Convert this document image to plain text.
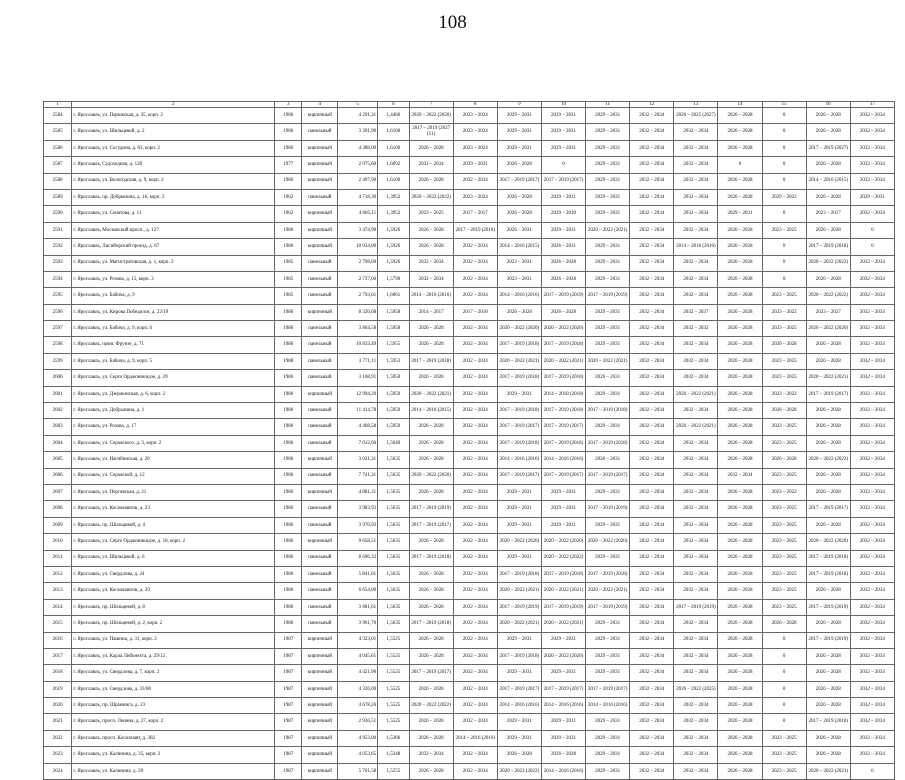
108
1	2	3	4	5	6	7	8	9	10	11	12	13	14	15	16	17
2584	г. Ярославль, ул. Парижская, д. 35, корп. 2	1986	кирпичный	4 291,31	1,4466	2020 – 2022 (2020)	2023 – 2024	2029 – 2031	2029 – 2031	2029 – 2031	2032 – 2034	2026 – 2025 (2027)	2026 – 2028	0	2026 – 2028	2032 – 2034
2585	г. Ярославль, ул. Шильцевой, д. 2	1986	панельный	3 391,90	1,6100	2017 – 2019 (2027 (51)	2023 – 2024	2029 – 2031	2029 – 2031	2029 – 2031	2032 – 2034	2032 – 2034	2026 – 2028	0	2026 – 2028	2032 – 2034
2586	г. Ярославль, ул. Сосудина, д. 83, корп. 2	1986	кирпичный	4 388,00	1,6100	2026 – 2028	2023 – 2024	2029 – 2031	2029 – 2031	2029 – 2031	2032 – 2034	2032 – 2034	2026 – 2028	0	2017 – 2019 (2027)	2032 – 2034
2587	г. Ярославль, Судоходная, д. 12б	1977	кирпичный	2 975,60	1,6092	2032 – 2034	2029 – 2031	2026 – 2028	0	2029 – 2031	2032 – 2034	2032 – 2034	0	0	2026 – 2028	2032 – 2034
2588	г. Ярославль, ул. Вологодская, д. 9, корп. 2	1986	кирпичный	2 497,90	1,6100	2026 – 2028	2032 – 2034	2017 – 2019 (2017)	2017 – 2019 (2017)	2029 – 2031	2032 – 2034	2032 – 2034	2026 – 2028	0	2014 – 2016 (2015)	2032 – 2034
2589	г. Ярославль, пр. Добрынина, д. 16, корп. 2	1962	панельный	4 718,30	1,3952	2020 – 2022 (2022)	2023 – 2024	2026 – 2028	2029 – 2031	2029 – 2031	2032 – 2034	2032 – 2034	2026 – 2028	2029 – 2022	2026 – 2028	2029 – 2031
2590	г. Ярославль, ул. Сенатова, д. 11	1962	кирпичный	4 605,11	1,3952	2023 – 2025	2017 – 2017	2026 – 2028	2029 – 2030	2029 – 2031	2032 – 2034	2032 – 2034	2029 – 2031	0	2023 – 2017	2032 – 2034
2591	г. Ярославль, Московский просп., д. 127	1986	кирпичный	3 474,90	1,5926	2026 – 2028	2017 – 2019 (2018)	2026 – 2031	2029 – 2031	2020 – 2022 (2021)	2032 – 2034	2032 – 2034	2026 – 2028	2023 – 2025	2026 – 2028	0
2592	г. Ярославль, Лисийорский проезд, д. 67	1986	кирпичный	10 934,00	1,5926	2026 – 2028	2032 – 2034	2014 – 2016 (2015)	2026 – 2031	2029 – 2031	2032 – 2034	2014 – 2016 (2016)	2026 – 2028	0	2017 – 2019 (2018)	0
2593	г. Ярославль, ул. Магистратовская, д. 1, корп. 2	1985	панельный	2 798,60	1,5926	2032 – 2034	2032 – 2034	2023 – 2031	2026 – 2028	2029 – 2031	2032 – 2034	2032 – 2034	2026 – 2028	0	2020 – 2022 (2022)	2032 – 2034
2594	г. Ярославль, ул. Розова, д. 15, корп. 3	1985	панельный	2 737,60	1,5790	2032 – 2034	2032 – 2034	2023 – 2031	2026 – 2028	2029 – 2031	2032 – 2034	2032 – 2034	2026 – 2028	0	2026 – 2028	2032 – 2034
2595	г. Ярославль, ул. Бабича, д. 9	1985	панельный	2 793,61	1,6061	2014 – 2016 (2016)	2032 – 2034	2014 – 2016 (2016)	2017 – 2019 (2019)	2017 – 2019 (2019)	2032 – 2034	2032 – 2034	2026 – 2028	2023 – 2025	2020 – 2022 (2022)	2032 – 2034
2596	г. Ярославль, ул. Кирова Победился, д. 22/19	1986	кирпичный	8 320,68	1,5958	2014 – 2017	2017 – 2018	2026 – 2028	2026 – 2028	2029 – 2031	2032 – 2034	2032 – 2037	2026 – 2028	2023 – 2022	2023 – 2027	2032 – 2034
2597	г. Ярославль, ул. Бабича, д. 9, корп. 6	1986	панельный	3 864,58	1,5958	2026 – 2028	2032 – 2034	2020 – 2022 (2020)	2020 – 2022 (2020)	2029 – 2031	2032 – 2034	2032 – 2032	2026 – 2028	2023 – 2025	2020 – 2022 (2020)	2032 – 2034
2598	г. Ярославль, прмп. Фрунзе, д. 71	1986	панельный	10 833,49	1,5955	2026 – 2028	2032 – 2034	2017 – 2019 (2018)	2017 – 2019 (2018)	2029 – 2031	2032 – 2034	2032 – 2034	2026 – 2028	2026 – 2028	2026 – 2028	2032 – 2034
2599	г. Ярославль, ул. Бабича, д. 9, корп. 5	1988	панельный	3 771,11	1,5953	2017 – 2019 (2018)	2032 – 2034	2020 – 2022 (2021)	2020 – 2022 (2021)	2020 – 2022 (2021)	2032 – 2034	2032 – 2034	2026 – 2028	2023 – 2025	2026 – 2028	2032 – 2034
2600	г. Ярославль, ул. Серго Орджоникидзе, д. 29	1986	панельный	3 168,91	1,5950	2026 – 2028	2032 – 2034	2017 – 2019 (2018)	2017 – 2019 (2018)	2026 – 2031	2032 – 2034	2032 – 2034	2026 – 2028	2023 – 2025	2020 – 2022 (2021)	2032 – 2034
2601	г. Ярославль, ул. Дзержинская, д. 6, корп. 2	1986	кирпичный	12 994,20	1,5950	2020 – 2022 (2021)	2032 – 2034	2029 – 2031	2014 – 2018 (2018)	2029 – 2031	2032 – 2034	2020 – 2022 (2021)	2026 – 2028	2023 – 2022	2017 – 2019 (2017)	2032 – 2034
2602	г. Ярославль, ул. Добрынина, д. 1	1986	панельный	11 414,78	1,5950	2014 – 2016 (2015)	2032 – 2034	2017 – 2019 (2018)	2017 – 2019 (2018)	2017 – 2019 (2018)	2032 – 2034	2032 – 2034	2026 – 2028	2026 – 2028	2026 – 2028	2032 – 2034
2603	г. Ярославль, ул. Розова, д. 17	1986	панельный	4 468,58	1,5950	2026 – 2028	2032 – 2034	2017 – 2019 (2017)	2017 – 2019 (2017)	2029 – 2031	2032 – 2034	2020 – 2022 (2021)	2026 – 2028	2023 – 2025	2026 – 2028	2032 – 2034
2604	г. Ярославль, ул. Серовского, д. 3, корп. 2	1986	панельный	7 012,66	1,5640	2026 – 2028	2032 – 2034	2017 – 2019 (2018)	2017 – 2019 (2018)	2017 – 2019 (2018)	2032 – 2034	2032 – 2034	2026 – 2028	2023 – 2025	2026 – 2028	2032 – 2034
2605	г. Ярославль, ул. Нагибинская, д. 20	1986	кирпичный	3 021,31	1,5635	2026 – 2028	2032 – 2034	2014 – 2016 (2016)	2014 – 2016 (2016)	2026 – 2031	2032 – 2034	2032 – 2034	2026 – 2028	2026 – 2028	2020 – 2022 (2022)	2032 – 2034
2606	г. Ярославль, ул. Серовской, д. 12	1986	панельный	7 741,31	1,5635	2020 – 2022 (2020)	2032 – 2034	2017 – 2019 (2017)	2017 – 2019 (2017)	2017 – 2019 (2017)	2032 – 2034	2032 – 2034	2032 – 2034	2023 – 2025	2026 – 2028	2032 – 2034
2607	г. Ярославль, ул. Перговская, д. 21	1986	кирпичный	4 081,31	1,5635	2026 – 2028	2032 – 2034	2029 – 2031	2029 – 2031	2029 – 2031	2032 – 2034	2032 – 2034	2026 – 2028	2023 – 2022	2026 – 2028	2032 – 2034
2608	г. Ярославль, ул. Космонавтов, д. 23	1986	панельный	3 983,93	1,5635	2017 – 2019 (2019)	2032 – 2034	2029 – 2031	2029 – 2031	2017 – 2019 (2019)	2032 – 2034	2032 – 2034	2026 – 2028	2023 – 2025	2017 – 2019 (2017)	2032 – 2034
2609	г. Ярославль, пр. Шильцевой, д. 4	1986	панельный	3 970,93	1,5635	2017 – 2019 (2017)	2032 – 2034	2029 – 2031	2029 – 2031	2029 – 2031	2032 – 2034	2032 – 2034	2026 – 2028	2023 – 2025	2026 – 2028	2032 – 2034
2610	г. Ярославль, ул. Серго Орджоникидзе, д. 18, корп. 2	1986	кирпичный	9 658,51	1,5635	2026 – 2028	2032 – 2034	2020 – 2022 (2020)	2020 – 2022 (2020)	2020 – 2022 (2020)	2032 – 2034	2032 – 2034	2026 – 2028	2023 – 2025	2020 – 2022 (2020)	2032 – 2034
2611	г. Ярославль, ул. Шильцевой, д. 6	1986	панельный	8 696,32	1,5635	2017 – 2019 (2018)	2032 – 2034	2029 – 2031	2020 – 2022 (2022)	2029 – 2031	2032 – 2034	2032 – 2034	2026 – 2028	2023 – 2025	2017 – 2019 (2018)	2032 – 2034
2612	г. Ярославль, ул. Свердлова, д. 24	1986	панельный	5 841,61	1,5635	2026 – 2028	2032 – 2034	2017 – 2019 (2018)	2017 – 2019 (2018)	2017 – 2019 (2018)	2032 – 2034	2032 – 2034	2026 – 2028	2023 – 2025	2017 – 2019 (2018)	2032 – 2034
2613	г. Ярославль, ул. Космонавтов, д. 20	1986	панельный	6 654,00	1,5635	2026 – 2028	2032 – 2034	2020 – 2022 (2021)	2020 – 2022 (2021)	2020 – 2022 (2021)	2032 – 2034	2032 – 2034	2026 – 2028	2023 – 2025	2026 – 2028	2032 – 2034
2614	г. Ярославль, пр. Шильцевой, д. 8	1986	панельный	3 881,61	1,5635	2026 – 2028	2032 – 2034	2017 – 2019 (2019)	2017 – 2019 (2019)	2017 – 2019 (2019)	2032 – 2034	2017 – 2019 (2019)	2026 – 2028	2023 – 2025	2017 – 2019 (2019)	2032 – 2034
2615	г. Ярославль, пр. Шильцевой, д. 2, корп. 2	1986	панельный	3 961,70	1,5635	2017 – 2019 (2018)	2032 – 2034	2020 – 2022 (2021)	2020 – 2022 (2021)	2029 – 2031	2032 – 2034	2032 – 2034	2026 – 2028	2026 – 2028	2026 – 2028	2032 – 2034
2616	г. Ярославль, ул. Пашина, д. 31, корп. 2	1987	кирпичный	4 323,01	1,5525	2026 – 2028	2032 – 2034	2029 – 2031	2029 – 2031	2029 – 2031	2032 – 2034	2032 – 2034	2026 – 2028	0	2017 – 2019 (2019)	2032 – 2034
2617	г. Ярославль, ул. Карла Либкнехта, д. 29/12	1987	кирпичный	4 045,61	1,5525	2026 – 2028	2032 – 2034	2017 – 2019 (2018)	2020 – 2022 (2020)	2029 – 2031	2032 – 2034	2032 – 2034	2026 – 2028	0	2026 – 2028	2032 – 2034
2618	г. Ярославль, ул. Свердлова, д. 7, корп. 2	1987	кирпичный	4 421,90	1,5525	2017 – 2019 (2017)	2032 – 2034	2029 – 2031	2029 – 2031	2029 – 2031	2032 – 2034	2032 – 2034	2026 – 2028	0	2026 – 2028	2032 – 2034
2619	г. Ярославль, ул. Свердлова, д. 33/68	1987	кирпичный	4 326,00	1,5525	2026 – 2028	2032 – 2034	2017 – 2019 (2017)	2017 – 2019 (2017)	2017 – 2019 (2017)	2032 – 2034	2026 – 2022 (2025)	2026 – 2028	0	2026 – 2028	2032 – 2034
2620	г. Ярославль, пр. Шраминга, д. 23	1987	кирпичный	4 678,26	1,5525	2020 – 2022 (2022)	2032 – 2034	2014 – 2016 (2016)	2014 – 2016 (2016)	2014 – 2016 (2016)	2032 – 2034	2032 – 2034	2026 – 2028	0	2026 – 2028	2032 – 2034
2621	г. Ярославль, просп. Ленина, д. 27, корп. 2	1987	кирпичный	2 936,51	1,5525	2026 – 2028	2032 – 2034	2029 – 2031	2029 – 2031	2029 – 2031	2032 – 2034	2032 – 2034	2026 – 2028	0	2017 – 2019 (2018)	2032 – 2034
2622	г. Ярославль, просп. Космонавт, д. 382	1987	кирпичный	4 953,00	1,5366	2026 – 2028	2014 – 2016 (2016)	2029 – 2031	2029 – 2031	2029 – 2031	2032 – 2034	2032 – 2034	2026 – 2028	2023 – 2025	2026 – 2028	2032 – 2034
2623	г. Ярославль, ул. Калинина, д. 35, корп. 2	1987	кирпичный	4 053,65	1,5348	2032 – 2034	2032 – 2034	2026 – 2028	2026 – 2028	2029 – 2031	2032 – 2034	2032 – 2034	2026 – 2028	2023 – 2025	2026 – 2028	2032 – 2034
2624	г. Ярославль, ул. Калинина, д. 20	1987	кирпичный	5 761,58	1,5255	2026 – 2028	2032 – 2034	2020 – 2022 (2022)	2014 – 2016 (2016)	2029 – 2031	2032 – 2034	2032 – 2034	2026 – 2028	2023 – 2025	2020 – 2022 (2021)	0
